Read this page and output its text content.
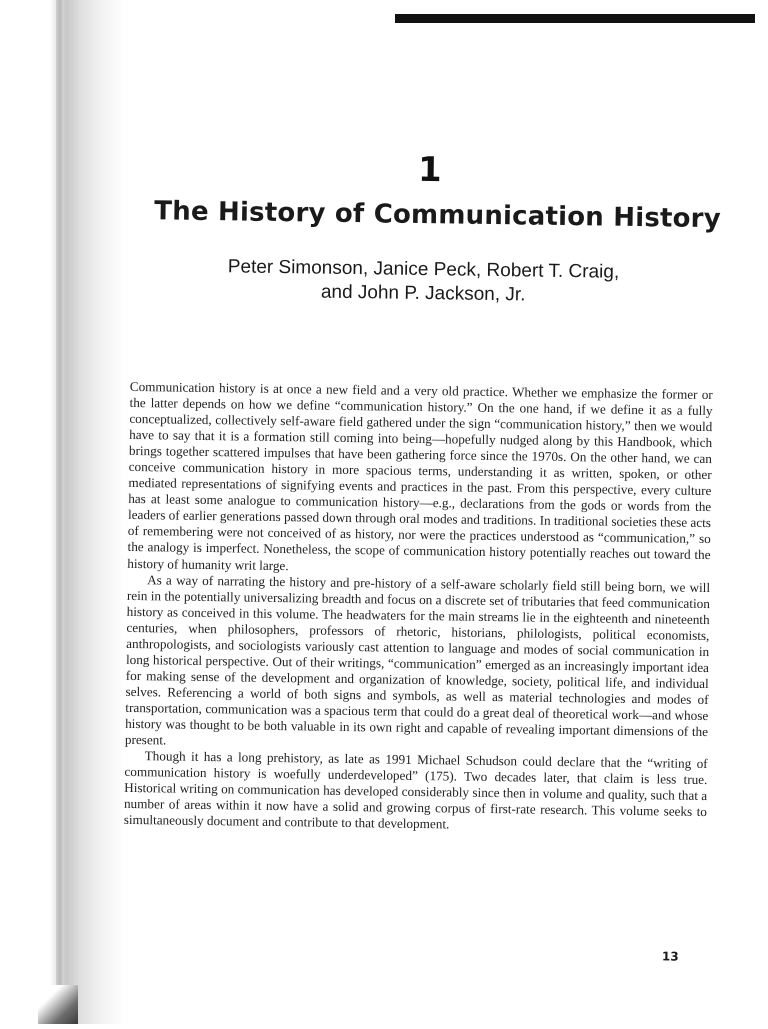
1
The History of Communication History
Peter Simonson, Janice Peck, Robert T. Craig,
and John P. Jackson, Jr.

Communication history is at once a new field and a very old practice. Whether we emphasize the former or the latter depends on how we define “communication history.” On the one hand, if we define it as a fully conceptualized, collectively self-aware field gathered under the sign “communication history,” then we would have to say that it is a formation still coming into being—hopefully nudged along by this Handbook, which brings together scattered impulses that have been gathering force since the 1970s. On the other hand, we can conceive communication history in more spacious terms, understanding it as written, spoken, or other mediated representations of signifying events and practices in the past. From this perspective, every culture has at least some analogue to communication history—e.g., declarations from the gods or words from the leaders of earlier generations passed down through oral modes and traditions. In traditional societies these acts of remembering were not conceived of as history, nor were the practices understood as “communication,” so the analogy is imperfect. Nonetheless, the scope of communication history potentially reaches out toward the history of humanity writ large.

As a way of narrating the history and pre-history of a self-aware scholarly field still being born, we will rein in the potentially universalizing breadth and focus on a discrete set of tributaries that feed communication history as conceived in this volume. The headwaters for the main streams lie in the eighteenth and nineteenth centuries, when philosophers, professors of rhetoric, historians, philologists, political economists, anthropologists, and sociologists variously cast attention to language and modes of social communication in long historical perspective. Out of their writings, “communication” emerged as an increasingly important idea for making sense of the development and organization of knowledge, society, political life, and individual selves. Referencing a world of both signs and symbols, as well as material technologies and modes of transportation, communication was a spacious term that could do a great deal of theoretical work—and whose history was thought to be both valuable in its own right and capable of revealing important dimensions of the present.

Though it has a long prehistory, as late as 1991 Michael Schudson could declare that the “writing of communication history is woefully underdeveloped” (175). Two decades later, that claim is less true. Historical writing on communication has developed considerably since then in volume and quality, such that a number of areas within it now have a solid and growing corpus of first-rate research. This volume seeks to simultaneously document and contribute to that development.

13
